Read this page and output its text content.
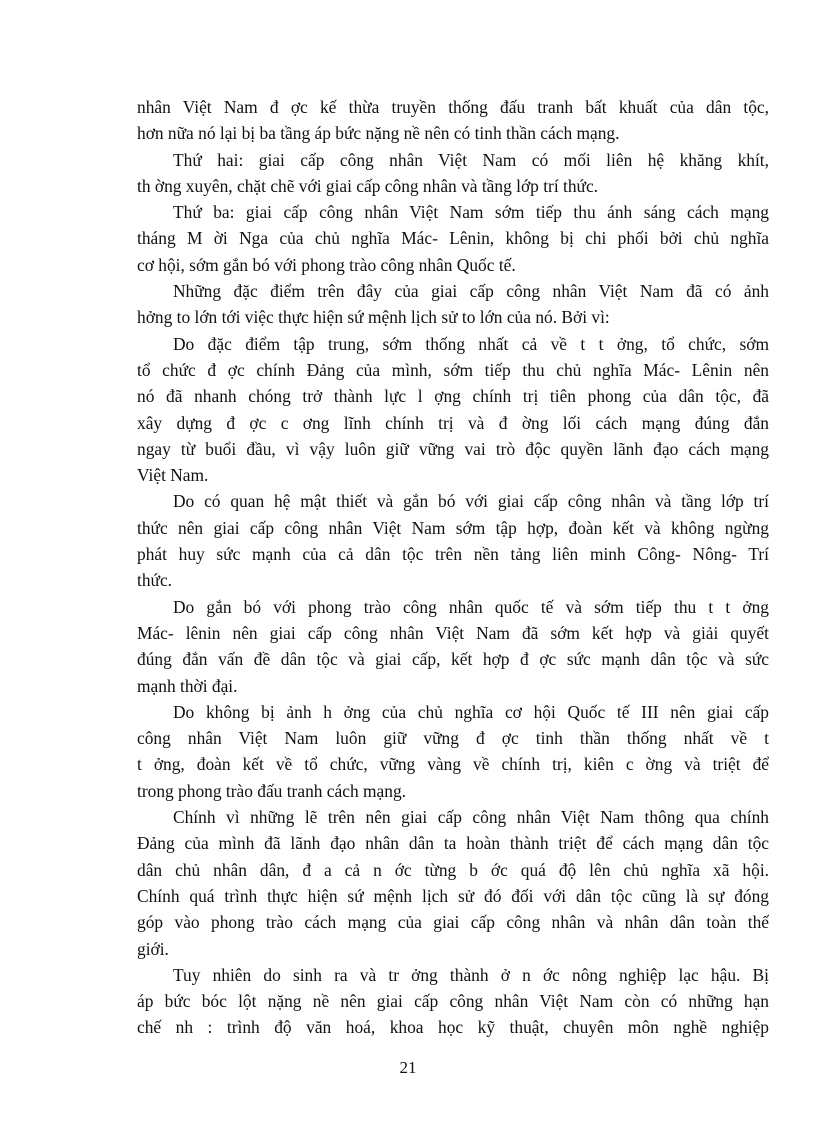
nhân Việt Nam đ ợc kế thừa truyền thống đấu tranh bất khuất của dân tộc,
hơn nữa nó lại bị ba tầng áp bức nặng nề nên có tinh thần cách mạng.
Thứ hai: giai cấp công nhân Việt Nam có mối liên hệ khăng khít,
th ờng xuyên, chặt chẽ với giai cấp công nhân và tầng lớp trí thức.
Thứ ba: giai cấp công nhân Việt Nam sớm tiếp thu ánh sáng cách mạng
tháng M ời Nga của chủ nghĩa Mác- Lênin, không bị chi phối bởi chủ nghĩa
cơ hội, sớm gắn bó với phong trào công nhân Quốc tế.
Những đặc điểm trên đây của giai cấp công nhân Việt Nam đã có ảnh
hởng to lớn tới việc thực hiện sứ mệnh lịch sử to lớn của nó. Bởi vì:
Do đặc điểm tập trung, sớm thống nhất cả về t t ởng, tổ chức, sớm
tổ chức đ ợc chính Đảng của mình, sớm tiếp thu chủ nghĩa Mác- Lênin nên
nó đã nhanh chóng trở thành lực l ợng chính trị tiên phong của dân tộc, đã
xây dựng đ ợc c ơng lĩnh chính trị và đ ờng lối cách mạng đúng đắn
ngay từ buổi đầu, vì vậy luôn giữ vững vai trò độc quyền lãnh đạo cách mạng
Việt Nam.
Do có quan hệ mật thiết và gắn bó với giai cấp công nhân và tầng lớp trí
thức nên giai cấp công nhân Việt Nam sớm tập hợp, đoàn kết và không ngừng
phát huy sức mạnh của cả dân tộc trên nền tảng liên minh Công- Nông- Trí
thức.
Do gắn bó với phong trào công nhân quốc tế và sớm tiếp thu t t ởng
Mác- lênin nên giai cấp công nhân Việt Nam đã sớm kết hợp và giải quyết
đúng đắn vấn đề dân tộc và giai cấp, kết hợp đ ợc sức mạnh dân tộc và sức
mạnh thời đại.
Do không bị ảnh h ởng của chủ nghĩa cơ hội Quốc tế III nên giai cấp
công nhân Việt Nam luôn giữ vững đ ợc tinh thần thống nhất về t
t ởng, đoàn kết về tổ chức, vững vàng về chính trị, kiên c ờng và triệt để
trong phong trào đấu tranh cách mạng.
Chính vì những lẽ trên nên giai cấp công nhân Việt Nam thông qua chính
Đảng của mình đã lãnh đạo nhân dân ta hoàn thành triệt để cách mạng dân tộc
dân chủ nhân dân, đ a cả n ớc từng b ớc quá độ lên chủ nghĩa xã hội.
Chính quá trình thực hiện sứ mệnh lịch sử đó đối với dân tộc cũng là sự đóng
góp vào phong trào cách mạng của giai cấp công nhân và nhân dân toàn thế
giới.
Tuy nhiên do sinh ra và tr ởng thành ở n ớc nông nghiệp lạc hậu. Bị
áp bức bóc lột nặng nề nên giai cấp công nhân Việt Nam còn có những hạn
chế nh : trình độ văn hoá, khoa học kỹ thuật, chuyên môn nghề nghiệp
21
